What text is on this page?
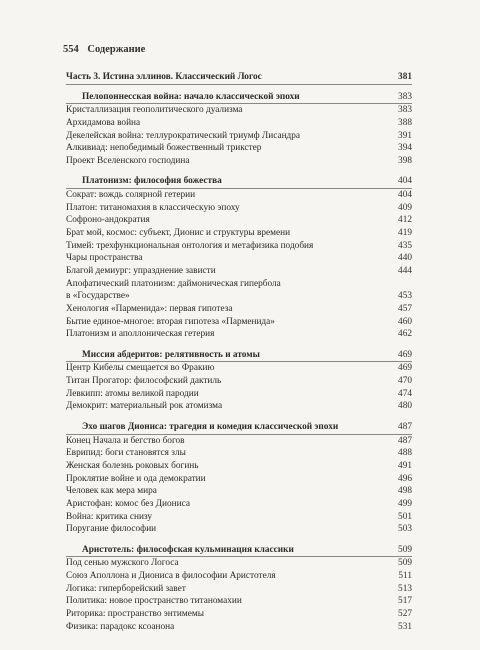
554 Содержание
Часть 3. Истина эллинов. Классический Логос	381
Пелопоннесская война: начало классической эпохи	383
Кристаллизация геополитического дуализма	383
Архидамова война	388
Декелейская война: теллурократический триумф Лисандра	391
Алкивиад: непобедимый божественный трикстер	394
Проект Вселенского господина	398
Платонизм: философия божества	404
Сократ: вождь солярной гетерии	404
Платон: титаномахия в классическую эпоху	409
Софроно-андократия	412
Брат мой, космос: субъект, Дионис и структуры времени	419
Тимей: трехфункциональная онтология и метафизика подобия	435
Чары пространства	440
Благой демиург: упразднение зависти	444
Апофатический платонизм: даймоническая гипербола
в «Государстве»	453
Хенология «Парменида»: первая гипотеза	457
Бытие единое-многое: вторая гипотеза «Парменида»	460
Платонизм и аполлоническая гетерия	462
Миссия абдеритов: релятивность и атомы	469
Центр Кибелы смещается во Фракию	469
Титан Прогатор: философский дактиль	470
Левкипп: атомы великой пародии	474
Демокрит: материальный рок атомизма	480
Эхо шагов Диониса: трагедия и комедия классической эпохи	487
Конец Начала и бегство богов	487
Еврипид: боги становятся злы	488
Женская болезнь роковых богинь	491
Проклятие войне и ода демократии	496
Человек как мера мира	498
Аристофан: комос без Диониса	499
Война: критика снизу	501
Поругание философии	503
Аристотель: философская кульминация классики	509
Под сенью мужского Логоса	509
Союз Аполлона и Диониса в философии Аристотеля	511
Логика: гиперборейский завет	513
Политика: новое пространство титаномахии	517
Риторика: пространство энтимемы	527
Физика: парадокс ксоанона	531
